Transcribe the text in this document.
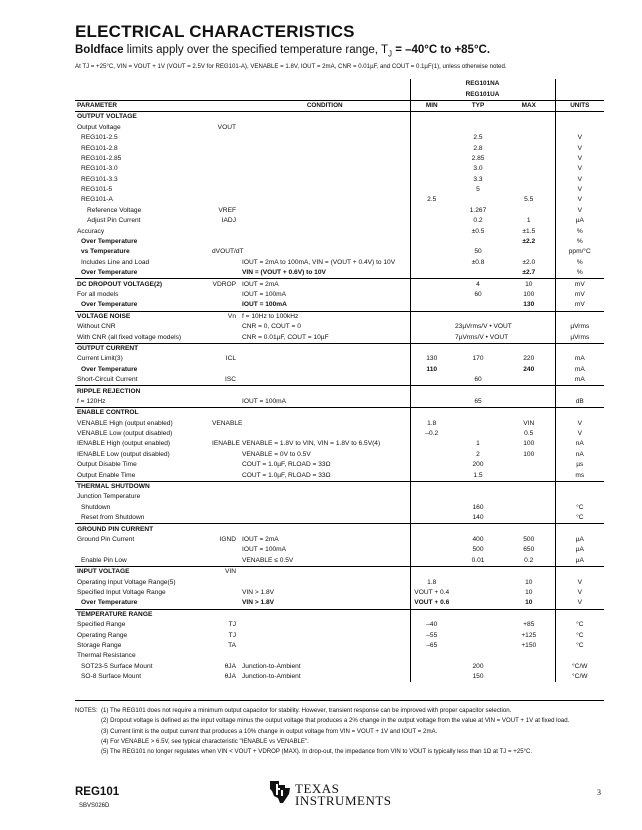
ELECTRICAL CHARACTERISTICS
Boldface limits apply over the specified temperature range, $T_J = -40^\circ C$ to +85°C.
At TJ = +25°C, VIN = VOUT + 1V (VOUT = 2.5V for REG101-A), VENABLE = 1.8V, IOUT = 2mA, CNR = 0.01µF, and COUT = 0.1µF(1), unless otherwise noted.
			REG101NA			
			REG101UA			
PARAMETER		CONDITION	MIN	TYP	MAX	UNITS
OUTPUT VOLTAGE						
Output Voltage	VOUT					
REG101-2.5				2.5		V
REG101-2.8				2.8		V
REG101-2.85				2.85		V
REG101-3.0				3.0		V
REG101-3.3				3.3		V
REG101-5				5		V
REG101-A			2.5		5.5	V
Reference Voltage	VREF			1.267		V
Adjust Pin Current	IADJ			0.2	1	µA
Accuracy				±0.5	±1.5	%
Over Temperature					±2.2	%
vs Temperature	dVOUT/dT			50		ppm/°C
Includes Line and Load		IOUT = 2mA to 100mA, VIN = (VOUT + 0.4V) to 10V		±0.8	±2.0	%
Over Temperature		VIN = (VOUT + 0.6V) to 10V			±2.7	%
DC DROPOUT VOLTAGE(2)	VDROP	IOUT = 2mA		4	10	mV
For all models		IOUT = 100mA		60	100	mV
Over Temperature		IOUT = 100mA			130	mV
VOLTAGE NOISE	Vn	f = 10Hz to 100kHz				
Without CNR		CNR = 0, COUT = 0		23µVrms/V • VOUT		µVrms
With CNR (all fixed voltage models)		CNR = 0.01µF, COUT = 10µF		7µVrms/V • VOUT		µVrms
OUTPUT CURRENT						
Current Limit(3)	ICL		130	170	220	mA
Over Temperature			110		240	mA
Short-Circuit Current	ISC			60		mA
RIPPLE REJECTION						
f = 120Hz		IOUT = 100mA		65		dB
ENABLE CONTROL						
VENABLE High (output enabled)	VENABLE		1.8		VIN	V
VENABLE Low (output disabled)			–0.2		0.5	V
IENABLE High (output enabled)	IENABLE	VENABLE = 1.8V to VIN, VIN = 1.8V to 6.5V(4)		1	100	nA
IENABLE Low (output disabled)		VENABLE = 0V to 0.5V		2	100	nA
Output Disable Time		COUT = 1.0µF, RLOAD = 33Ω		200		µs
Output Enable Time		COUT = 1.0µF, RLOAD = 33Ω		1.5		ms
THERMAL SHUTDOWN						
Junction Temperature						
Shutdown				160		°C
Reset from Shutdown				140		°C
GROUND PIN CURRENT						
Ground Pin Current	IGND	IOUT = 2mA		400	500	µA
		IOUT = 100mA		500	650	µA
Enable Pin Low		VENABLE ≤ 0.5V		0.01	0.2	µA
INPUT VOLTAGE	VIN					
Operating Input Voltage Range(5)			1.8		10	V
Specified Input Voltage Range		VIN > 1.8V	VOUT + 0.4		10	V
Over Temperature		VIN > 1.8V	VOUT + 0.6		10	V
TEMPERATURE RANGE						
Specified Range	TJ		–40		+85	°C
Operating Range	TJ		–55		+125	°C
Storage Range	TA		–65		+150	°C
Thermal Resistance						
SOT23-5 Surface Mount	θJA	Junction-to-Ambient		200		°C/W
SO-8 Surface Mount	θJA	Junction-to-Ambient		150		°C/W
NOTES: (1) The REG101 does not require a minimum output capacitor for stability. However, transient response can be improved with proper capacitor selection.
(2) Dropout voltage is defined as the input voltage minus the output voltage that produces a 2% change in the output voltage from the value at VIN = VOUT + 1V at fixed load.
(3) Current limit is the output current that produces a 10% change in output voltage from VIN = VOUT + 1V and IOUT = 2mA.
(4) For VENABLE > 6.5V, see typical characteristic "IENABLE vs VENABLE".
(5) The REG101 no longer regulates when VIN < VOUT + VDROP (MAX). In drop-out, the impedance from VIN to VOUT is typically less than 1Ω at TJ = +25°C.
REG101
SBVS026D
TEXAS
INSTRUMENTS
3
